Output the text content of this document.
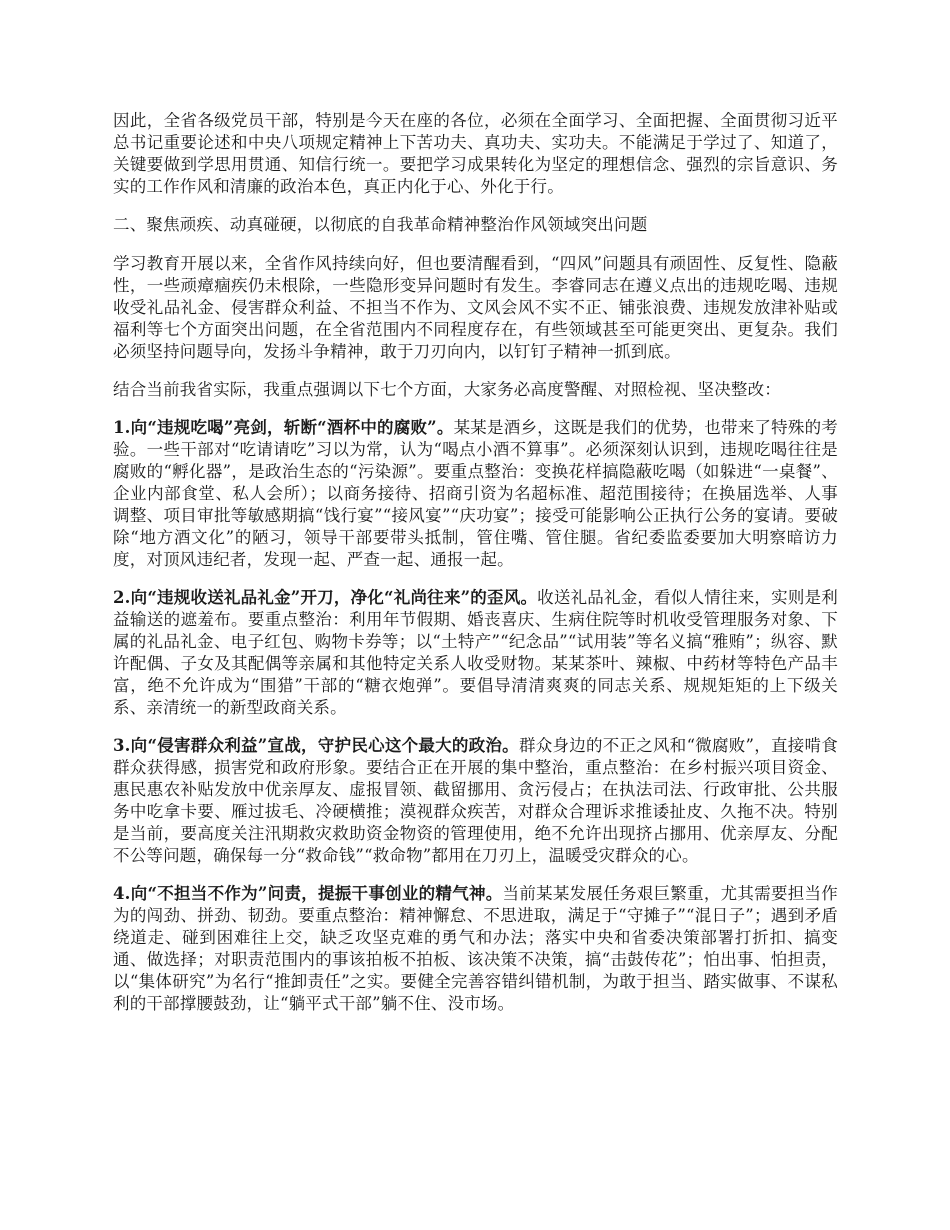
因此，全省各级党员干部，特别是今天在座的各位，必须在全面学习、全面把握、全面贯彻习近平总书记重要论述和中央八项规定精神上下苦功夫、真功夫、实功夫。不能满足于学过了、知道了，关键要做到学思用贯通、知信行统一。要把学习成果转化为坚定的理想信念、强烈的宗旨意识、务实的工作作风和清廉的政治本色，真正内化于心、外化于行。

二、聚焦顽疾、动真碰硬，以彻底的自我革命精神整治作风领域突出问题

学习教育开展以来，全省作风持续向好，但也要清醒看到，“四风”问题具有顽固性、反复性、隐蔽性，一些顽瘴痼疾仍未根除，一些隐形变异问题时有发生。李睿同志在遵义点出的违规吃喝、违规收受礼品礼金、侵害群众利益、不担当不作为、文风会风不实不正、铺张浪费、违规发放津补贴或福利等七个方面突出问题，在全省范围内不同程度存在，有些领域甚至可能更突出、更复杂。我们必须坚持问题导向，发扬斗争精神，敢于刀刃向内，以钉钉子精神一抓到底。

结合当前我省实际，我重点强调以下七个方面，大家务必高度警醒、对照检视、坚决整改：

1.向“违规吃喝”亮剑，斩断“酒杯中的腐败”。某某是酒乡，这既是我们的优势，也带来了特殊的考验。一些干部对“吃请请吃”习以为常，认为“喝点小酒不算事”。必须深刻认识到，违规吃喝往往是腐败的“孵化器”，是政治生态的“污染源”。要重点整治：变换花样搞隐蔽吃喝（如躲进“一桌餐”、企业内部食堂、私人会所）；以商务接待、招商引资为名超标准、超范围接待；在换届选举、人事调整、项目审批等敏感期搞“饯行宴”“接风宴”“庆功宴”；接受可能影响公正执行公务的宴请。要破除“地方酒文化”的陋习，领导干部要带头抵制，管住嘴、管住腿。省纪委监委要加大明察暗访力度，对顶风违纪者，发现一起、严查一起、通报一起。

2.向“违规收送礼品礼金”开刀，净化“礼尚往来”的歪风。收送礼品礼金，看似人情往来，实则是利益输送的遮羞布。要重点整治：利用年节假期、婚丧喜庆、生病住院等时机收受管理服务对象、下属的礼品礼金、电子红包、购物卡券等；以“土特产”“纪念品”“试用装”等名义搞“雅贿”；纵容、默许配偶、子女及其配偶等亲属和其他特定关系人收受财物。某某茶叶、辣椒、中药材等特色产品丰富，绝不允许成为“围猎”干部的“糖衣炮弹”。要倡导清清爽爽的同志关系、规规矩矩的上下级关系、亲清统一的新型政商关系。

3.向“侵害群众利益”宣战，守护民心这个最大的政治。群众身边的不正之风和“微腐败”，直接啃食群众获得感，损害党和政府形象。要结合正在开展的集中整治，重点整治：在乡村振兴项目资金、惠民惠农补贴发放中优亲厚友、虚报冒领、截留挪用、贪污侵占；在执法司法、行政审批、公共服务中吃拿卡要、雁过拔毛、冷硬横推；漠视群众疾苦，对群众合理诉求推诿扯皮、久拖不决。特别是当前，要高度关注汛期救灾救助资金物资的管理使用，绝不允许出现挤占挪用、优亲厚友、分配不公等问题，确保每一分“救命钱”“救命物”都用在刀刃上，温暖受灾群众的心。

4.向“不担当不作为”问责，提振干事创业的精气神。当前某某发展任务艰巨繁重，尤其需要担当作为的闯劲、拼劲、韧劲。要重点整治：精神懈怠、不思进取，满足于“守摊子”“混日子”；遇到矛盾绕道走、碰到困难往上交，缺乏攻坚克难的勇气和办法；落实中央和省委决策部署打折扣、搞变通、做选择；对职责范围内的事该拍板不拍板、该决策不决策，搞“击鼓传花”；怕出事、怕担责，以“集体研究”为名行“推卸责任”之实。要健全完善容错纠错机制，为敢于担当、踏实做事、不谋私利的干部撑腰鼓劲，让“躺平式干部”躺不住、没市场。
